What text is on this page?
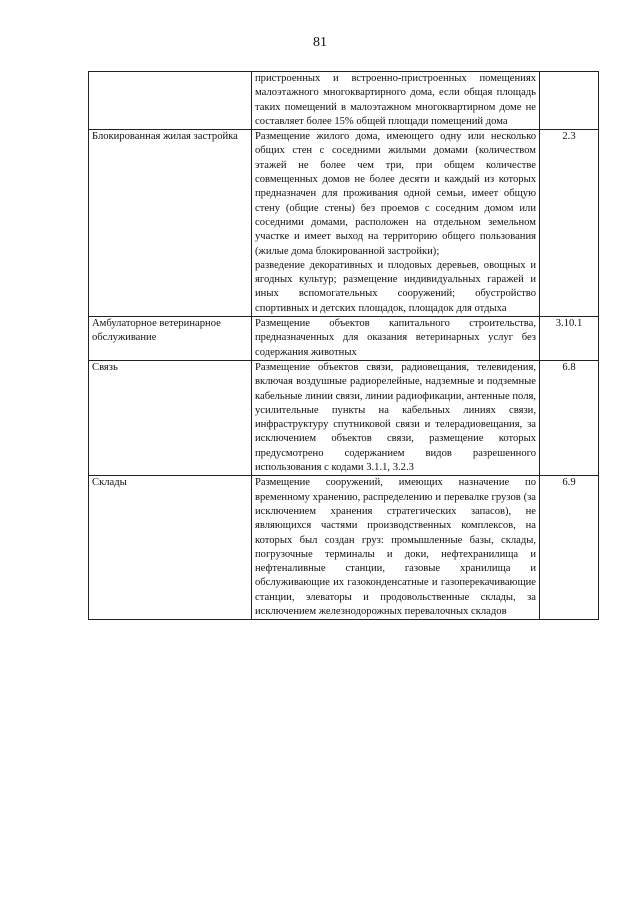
81

	пристроенных и встроенно-пристроенных помещениях малоэтажного многоквартирного дома, если общая площадь таких помещений в малоэтажном многоквартирном доме не составляет более 15% общей площади помещений дома	

Блокированная жилая застройка	Размещение жилого дома, имеющего одну или несколько общих стен с соседними жилыми домами (количеством этажей не более чем три, при общем количестве совмещенных домов не более десяти и каждый из которых предназначен для проживания одной семьи, имеет общую стену (общие стены) без проемов с соседним домом или соседними домами, расположен на отдельном земельном участке и имеет выход на территорию общего пользования (жилые дома блокированной застройки);
разведение декоративных и плодовых деревьев, овощных и ягодных культур; размещение индивидуальных гаражей и иных вспомогательных сооружений; обустройство спортивных и детских площадок, площадок для отдыха	2.3
Амбулаторное ветеринарное обслуживание	Размещение объектов капитального строительства, предназначенных для оказания ветеринарных услуг без содержания животных	3.10.1
Связь	Размещение объектов связи, радиовещания, телевидения, включая воздушные радиорелейные, надземные и подземные кабельные линии связи, линии радиофикации, антенные поля, усилительные пункты на кабельных линиях связи, инфраструктуру спутниковой связи и телерадиовещания, за исключением объектов связи, размещение которых предусмотрено содержанием видов разрешенного использования с кодами 3.1.1, 3.2.3	6.8
Склады	Размещение сооружений, имеющих назначение по временному хранению, распределению и перевалке грузов (за исключением хранения стратегических запасов), не являющихся частями производственных комплексов, на которых был создан груз: промышленные базы, склады, погрузочные терминалы и доки, нефтехранилища и нефтеналивные станции, газовые хранилища и обслуживающие их газоконденсатные и газоперекачивающие станции, элеваторы и продовольственные склады, за исключением железнодорожных перевалочных складов	6.9
